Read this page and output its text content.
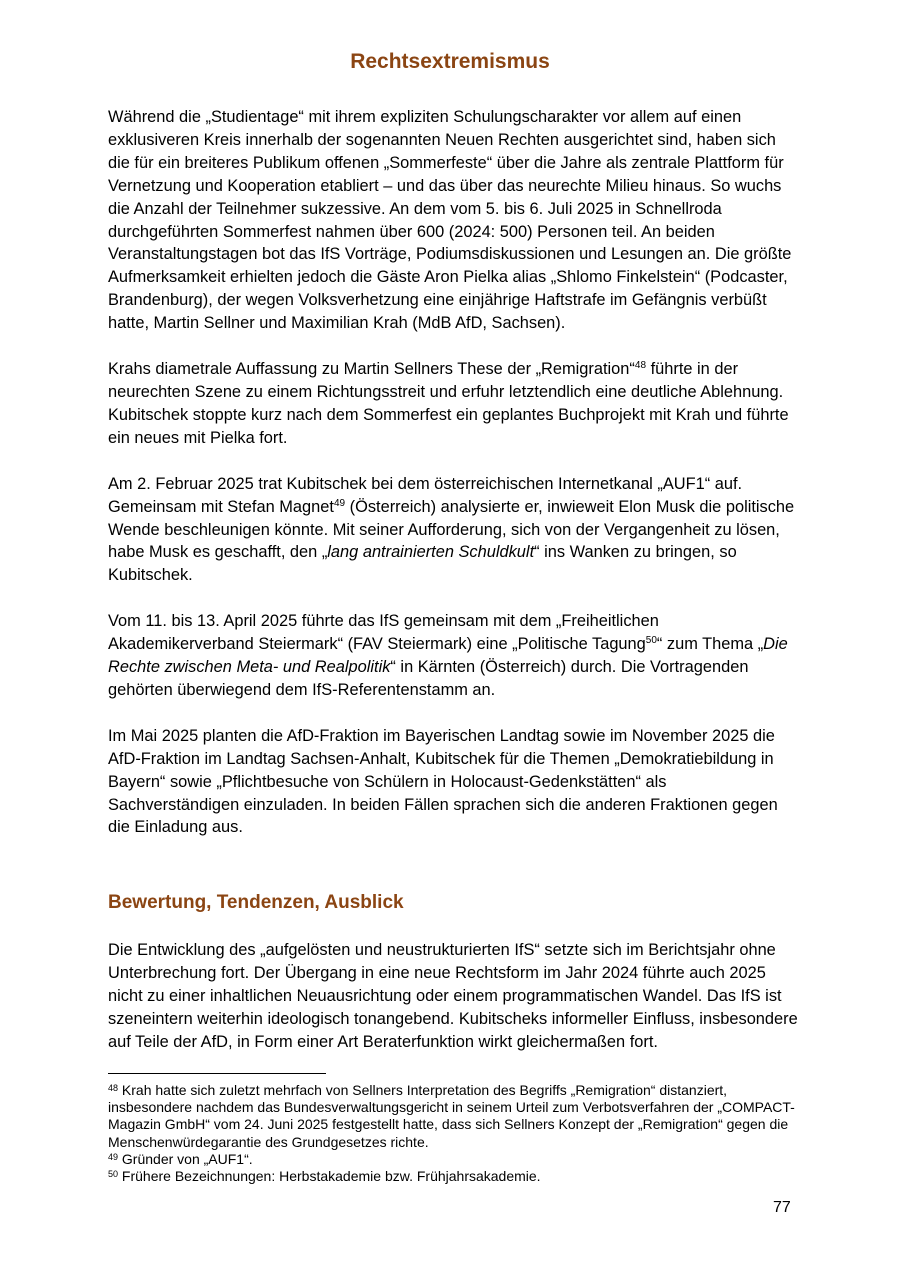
Rechtsextremismus

Während die „Studientage“ mit ihrem expliziten Schulungscharakter vor allem auf einen exklusiveren Kreis innerhalb der sogenannten Neuen Rechten ausgerichtet sind, haben sich die für ein breiteres Publikum offenen „Sommerfeste“ über die Jahre als zentrale Plattform für Vernetzung und Kooperation etabliert – und das über das neurechte Milieu hinaus. So wuchs die Anzahl der Teilnehmer sukzessive. An dem vom 5. bis 6. Juli 2025 in Schnellroda durchgeführten Sommerfest nahmen über 600 (2024: 500) Personen teil. An beiden Veranstaltungstagen bot das IfS Vorträge, Podiumsdiskussionen und Lesungen an. Die größte Aufmerksamkeit erhielten jedoch die Gäste Aron Pielka alias „Shlomo Finkelstein“ (Podcaster, Brandenburg), der wegen Volksverhetzung eine einjährige Haftstrafe im Gefängnis verbüßt hatte, Martin Sellner und Maximilian Krah (MdB AfD, Sachsen).

Krahs diametrale Auffassung zu Martin Sellners These der „Remigration“$^{48}$ führte in der neurechten Szene zu einem Richtungsstreit und erfuhr letztendlich eine deutliche Ablehnung. Kubitschek stoppte kurz nach dem Sommerfest ein geplantes Buchprojekt mit Krah und führte ein neues mit Pielka fort.

Am 2. Februar 2025 trat Kubitschek bei dem österreichischen Internetkanal „AUF1“ auf. Gemeinsam mit Stefan Magnet$^{49}$ (Österreich) analysierte er, inwieweit Elon Musk die politische Wende beschleunigen könnte. Mit seiner Aufforderung, sich von der Vergangenheit zu lösen, habe Musk es geschafft, den „lang antrainierten Schuldkult“ ins Wanken zu bringen, so Kubitschek.

Vom 11. bis 13. April 2025 führte das IfS gemeinsam mit dem „Freiheitlichen Akademikerverband Steiermark“ (FAV Steiermark) eine „Politische Tagung$^{50}$“ zum Thema „Die Rechte zwischen Meta- und Realpolitik“ in Kärnten (Österreich) durch. Die Vortragenden gehörten überwiegend dem IfS-Referentenstamm an.

Im Mai 2025 planten die AfD-Fraktion im Bayerischen Landtag sowie im November 2025 die AfD-Fraktion im Landtag Sachsen-Anhalt, Kubitschek für die Themen „Demokratiebildung in Bayern“ sowie „Pflichtbesuche von Schülern in Holocaust-Gedenkstätten“ als Sachverständigen einzuladen. In beiden Fällen sprachen sich die anderen Fraktionen gegen die Einladung aus.

Bewertung, Tendenzen, Ausblick

Die Entwicklung des „aufgelösten und neustrukturierten IfS“ setzte sich im Berichtsjahr ohne Unterbrechung fort. Der Übergang in eine neue Rechtsform im Jahr 2024 führte auch 2025 nicht zu einer inhaltlichen Neuausrichtung oder einem programmatischen Wandel. Das IfS ist szeneintern weiterhin ideologisch tonangebend. Kubitscheks informeller Einfluss, insbesondere auf Teile der AfD, in Form einer Art Beraterfunktion wirkt gleichermaßen fort.

$^{48}$ Krah hatte sich zuletzt mehrfach von Sellners Interpretation des Begriffs „Remigration“ distanziert, insbesondere nachdem das Bundesverwaltungsgericht in seinem Urteil zum Verbotsverfahren der „COMPACT-Magazin GmbH“ vom 24. Juni 2025 festgestellt hatte, dass sich Sellners Konzept der „Remigration“ gegen die Menschenwürdegarantie des Grundgesetzes richte.

$^{49}$ Gründer von „AUF1“.

$^{50}$ Frühere Bezeichnungen: Herbstakademie bzw. Frühjahrsakademie.

77
